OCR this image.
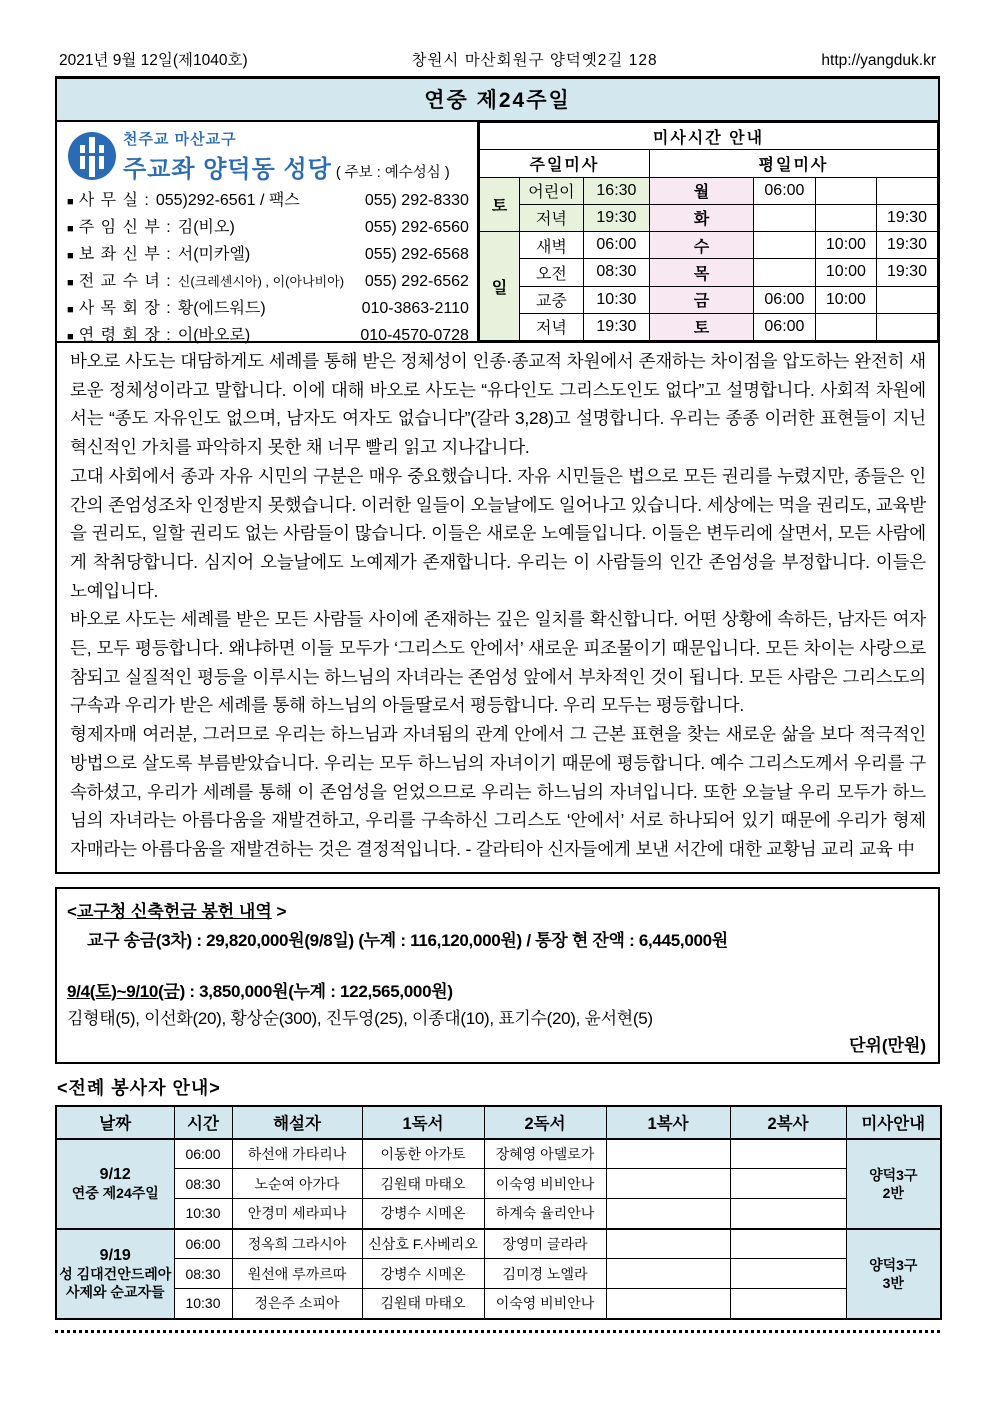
2021년 9월 12일(제1040호)	창원시 마산회원구 양덕옛2길 128	http://yangduk.kr
연중 제24주일
천주교 마산교구
주교좌 양덕동 성당 ( 주보 : 예수성심 )
■ 사 무 실 : 055)292-6561 / 팩스	055) 292-8330
■ 주 임 신 부 : 김(비오)	055) 292-6560
■ 보 좌 신 부 : 서(미카엘)	055) 292-6568
■ 전 교 수 녀 : 신(크레센시아) , 이(아나비아) 055) 292-6562
■ 사 목 회 장 : 황(에드워드)	010-3863-2110
■ 연 령 회 장 : 이(바오로)	010-4570-0728
미사시간 안내						
주일미사			평일미사			
토	어린이	16:30	월	06:00		
	저녁	19:30	화			19:30
일	새벽	06:00	수		10:00	19:30
	오전	08:30	목		10:00	19:30
	교중	10:30	금	06:00	10:00	
	저녁	19:30	토	06:00		

바오로 사도는 대담하게도 세례를 통해 받은 정체성이 인종·종교적 차원에서 존재하는 차이점을 압도하는 완전히 새로운 정체성이라고 말합니다. 이에 대해 바오로 사도는 “유다인도 그리스도인도 없다”고 설명합니다. 사회적 차원에서는 “종도 자유인도 없으며, 남자도 여자도 없습니다”(갈라 3,28)고 설명합니다. 우리는 종종 이러한 표현들이 지닌 혁신적인 가치를 파악하지 못한 채 너무 빨리 읽고 지나갑니다.

고대 사회에서 종과 자유 시민의 구분은 매우 중요했습니다. 자유 시민들은 법으로 모든 권리를 누렸지만, 종들은 인간의 존엄성조차 인정받지 못했습니다. 이러한 일들이 오늘날에도 일어나고 있습니다. 세상에는 먹을 권리도, 교육받을 권리도, 일할 권리도 없는 사람들이 많습니다. 이들은 새로운 노예들입니다. 이들은 변두리에 살면서, 모든 사람에게 착취당합니다. 심지어 오늘날에도 노예제가 존재합니다. 우리는 이 사람들의 인간 존엄성을 부정합니다. 이들은 노예입니다.

바오로 사도는 세례를 받은 모든 사람들 사이에 존재하는 깊은 일치를 확신합니다. 어떤 상황에 속하든, 남자든 여자든, 모두 평등합니다. 왜냐하면 이들 모두가 ‘그리스도 안에서’ 새로운 피조물이기 때문입니다. 모든 차이는 사랑으로 참되고 실질적인 평등을 이루시는 하느님의 자녀라는 존엄성 앞에서 부차적인 것이 됩니다. 모든 사람은 그리스도의 구속과 우리가 받은 세례를 통해 하느님의 아들딸로서 평등합니다. 우리 모두는 평등합니다.

형제자매 여러분, 그러므로 우리는 하느님과 자녀됨의 관계 안에서 그 근본 표현을 찾는 새로운 삶을 보다 적극적인 방법으로 살도록 부름받았습니다. 우리는 모두 하느님의 자녀이기 때문에 평등합니다. 예수 그리스도께서 우리를 구속하셨고, 우리가 세례를 통해 이 존엄성을 얻었으므로 우리는 하느님의 자녀입니다. 또한 오늘날 우리 모두가 하느님의 자녀라는 아름다움을 재발견하고, 우리를 구속하신 그리스도 ‘안에서’ 서로 하나되어 있기 때문에 우리가 형제자매라는 아름다움을 재발견하는 것은 결정적입니다. - 갈라티아 신자들에게 보낸 서간에 대한 교황님 교리 교육 中

<교구청 신축헌금 봉헌 내역 >
교구 송금(3차) : 29,820,000원(9/8일) (누계 : 116,120,000원) / 통장 현 잔액 : 6,445,000원
9/4(토)~9/10(금) : 3,850,000원(누계 : 122,565,000원)
김형태(5), 이선화(20), 황상순(300), 진두영(25), 이종대(10), 표기수(20), 윤서현(5)
단위(만원)
<전례 봉사자 안내>
날짜	시간	해설자	1독서	2독서	1복사	2복사	미사안내

9/12
연중 제24주일
	06:00	하선애 가타리나	이동한 아가토	장혜영 아델로가			
양덕3구
2반

	08:30	노순여 아가다	김원태 마태오	이숙영 비비안나			
	10:30	안경미 세라피나	강병수 시메온	하계숙 율리안나			

9/19
성 김대건안드레아 사제와 순교자들
	06:00	정옥희 그라시아	신삼호 F.사베리오	장영미 글라라			
양덕3구
3반

	08:30	원선애 루까르따	강병수 시메온	김미경 노엘라			
	10:30	정은주 소피아	김원태 마태오	이숙영 비비안나			
